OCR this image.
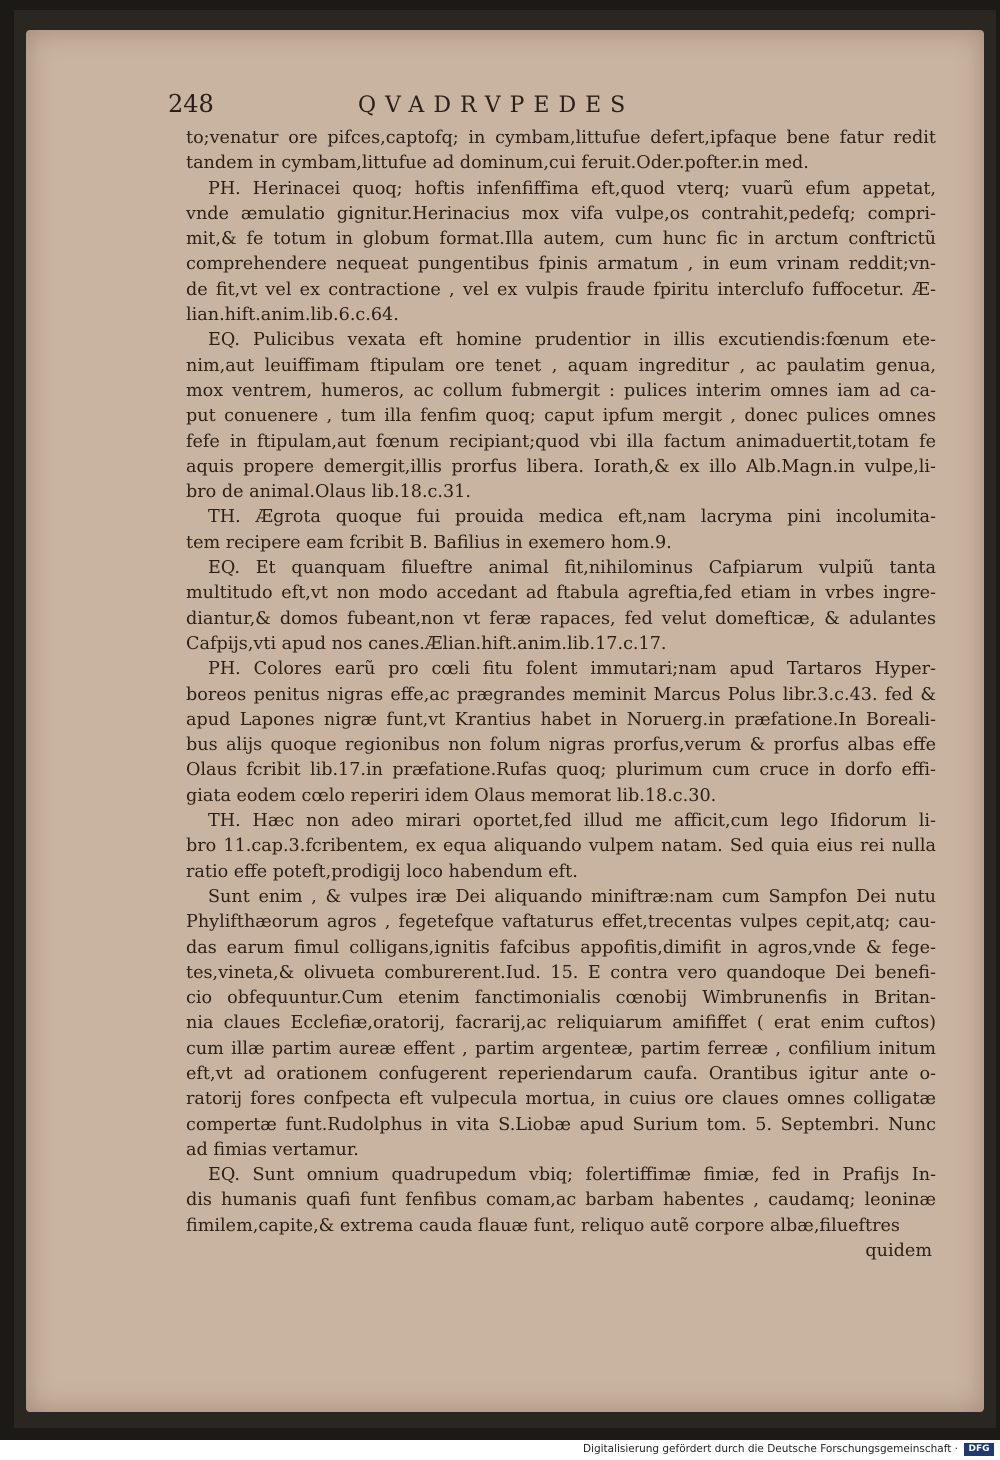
248	QVADRVPEDES
to;venatur ore pifces,captofq; in cymbam,littufue defert,ipfaque bene fatur redit
tandem in cymbam,littufue ad dominum,cui feruit.Oder.pofter.in med.
PH. Herinacei quoq; hoftis infenfiffima eft,quod vterq; vuarũ efum appetat,
vnde æmulatio gignitur.Herinacius mox vifa vulpe,os contrahit,pedefq; compri-
mit,& fe totum in globum format.Illa autem, cum hunc fic in arctum conftrictũ
comprehendere nequeat pungentibus fpinis armatum , in eum vrinam reddit;vn-
de fit,vt vel ex contractione , vel ex vulpis fraude fpiritu interclufo fuffocetur. Æ-
lian.hift.anim.lib.6.c.64.
EQ. Pulicibus vexata eft homine prudentior in illis excutiendis:fœnum ete-
nim,aut leuiffimam ftipulam ore tenet , aquam ingreditur , ac paulatim genua,
mox ventrem, humeros, ac collum fubmergit : pulices interim omnes iam ad ca-
put conuenere , tum illa fenfim quoq; caput ipfum mergit , donec pulices omnes
fefe in ftipulam,aut fœnum recipiant;quod vbi illa factum animaduertit,totam fe
aquis propere demergit,illis prorfus libera. Iorath,& ex illo Alb.Magn.in vulpe,li-
bro de animal.Olaus lib.18.c.31.
TH. Ægrota quoque fui prouida medica eft,nam lacryma pini incolumita-
tem recipere eam fcribit B. Bafilius in exemero hom.9.
EQ. Et quanquam filueftre animal fit,nihilominus Cafpiarum vulpiũ tanta
multitudo eft,vt non modo accedant ad ftabula agreftia,fed etiam in vrbes ingre-
diantur,& domos fubeant,non vt feræ rapaces, fed velut domefticæ, & adulantes
Cafpijs,vti apud nos canes.Ælian.hift.anim.lib.17.c.17.
PH. Colores earũ pro cœli fitu folent immutari;nam apud Tartaros Hyper-
boreos penitus nigras effe,ac prægrandes meminit Marcus Polus libr.3.c.43. fed &
apud Lapones nigræ funt,vt Krantius habet in Noruerg.in præfatione.In Boreali-
bus alijs quoque regionibus non folum nigras prorfus,verum & prorfus albas effe
Olaus fcribit lib.17.in præfatione.Rufas quoq; plurimum cum cruce in dorfo effi-
giata eodem cœlo reperiri idem Olaus memorat lib.18.c.30.
TH. Hæc non adeo mirari oportet,fed illud me afficit,cum lego Ifidorum li-
bro 11.cap.3.fcribentem, ex equa aliquando vulpem natam. Sed quia eius rei nulla
ratio effe poteft,prodigij loco habendum eft.
Sunt enim , & vulpes iræ Dei aliquando miniftræ:nam cum Sampfon Dei nutu
Phylifthæorum agros , fegetefque vaftaturus effet,trecentas vulpes cepit,atq; cau-
das earum fimul colligans,ignitis fafcibus appofitis,dimifit in agros,vnde & fege-
tes,vineta,& olivueta comburerent.Iud. 15. E contra vero quandoque Dei benefi-
cio obfequuntur.Cum etenim fanctimonialis cœnobij Wimbrunenfis in Britan-
nia claues Ecclefiæ,oratorij, facrarij,ac reliquiarum amififfet ( erat enim cuftos)
cum illæ partim aureæ effent , partim argenteæ, partim ferreæ , confilium initum
eft,vt ad orationem confugerent reperiendarum caufa. Orantibus igitur ante o-
ratorij fores confpecta eft vulpecula mortua, in cuius ore claues omnes colligatæ
compertæ funt.Rudolphus in vita S.Liobæ apud Surium tom. 5. Septembri. Nunc
ad fimias vertamur.
EQ. Sunt omnium quadrupedum vbiq; folertiffimæ fimiæ, fed in Prafijs In-
dis humanis quafi funt fenfibus comam,ac barbam habentes , caudamq; leoninæ
fimilem,capite,& extrema cauda flauæ funt, reliquo autẽ corpore albæ,filueftres
quidem
Digitalisierung gefördert durch die Deutsche Forschungsgemeinschaft ·	DFG
